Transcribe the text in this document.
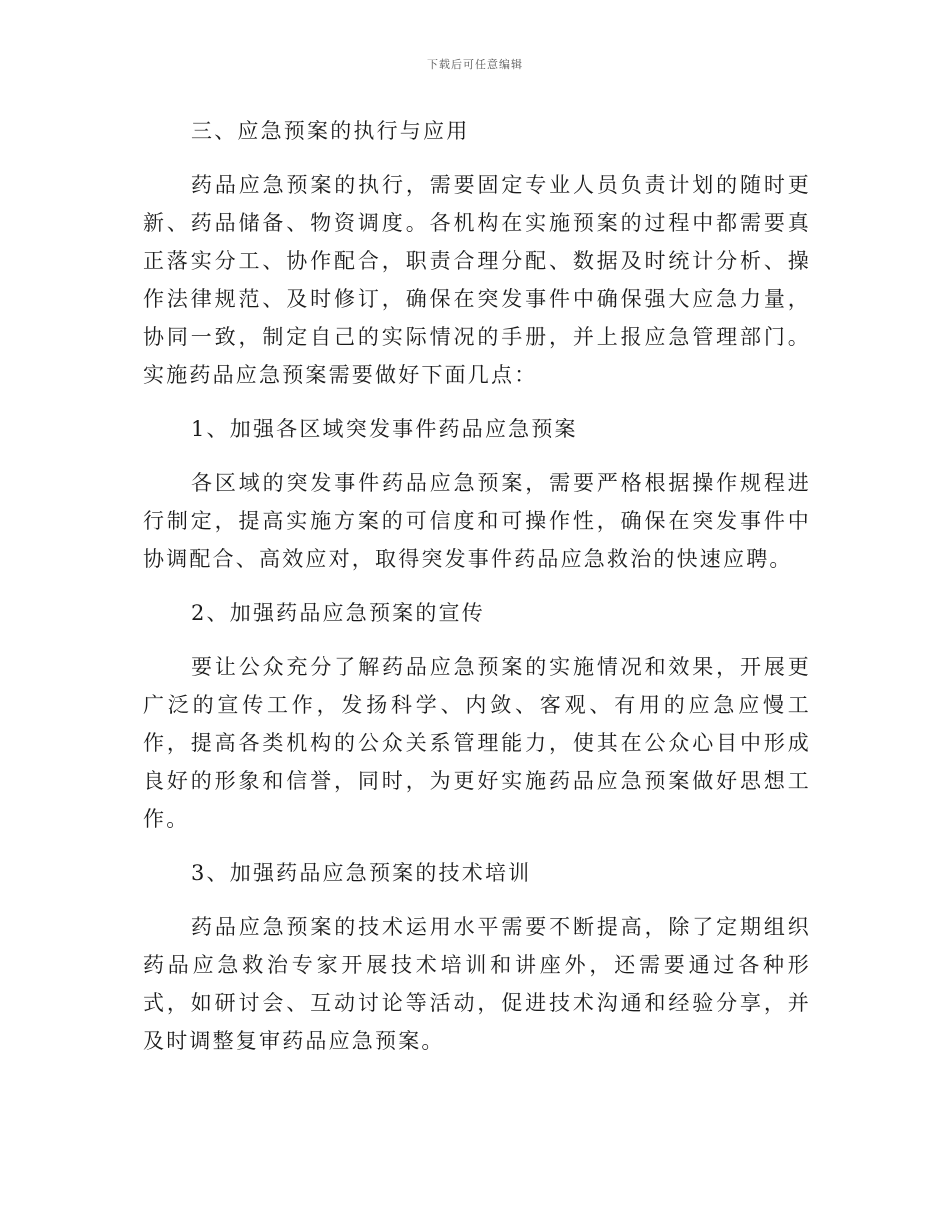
下载后可任意编辑

三、应急预案的执行与应用

药品应急预案的执行，需要固定专业人员负责计划的随时更新、药品储备、物资调度。各机构在实施预案的过程中都需要真正落实分工、协作配合，职责合理分配、数据及时统计分析、操作法律规范、及时修订，确保在突发事件中确保强大应急力量，协同一致，制定自己的实际情况的手册，并上报应急管理部门。实施药品应急预案需要做好下面几点：

1、加强各区域突发事件药品应急预案

各区域的突发事件药品应急预案，需要严格根据操作规程进行制定，提高实施方案的可信度和可操作性，确保在突发事件中协调配合、高效应对，取得突发事件药品应急救治的快速应聘。

2、加强药品应急预案的宣传

要让公众充分了解药品应急预案的实施情况和效果，开展更广泛的宣传工作，发扬科学、内敛、客观、有用的应急应慢工作，提高各类机构的公众关系管理能力，使其在公众心目中形成良好的形象和信誉，同时，为更好实施药品应急预案做好思想工作。

3、加强药品应急预案的技术培训

药品应急预案的技术运用水平需要不断提高，除了定期组织药品应急救治专家开展技术培训和讲座外，还需要通过各种形式，如研讨会、互动讨论等活动，促进技术沟通和经验分享，并及时调整复审药品应急预案。
